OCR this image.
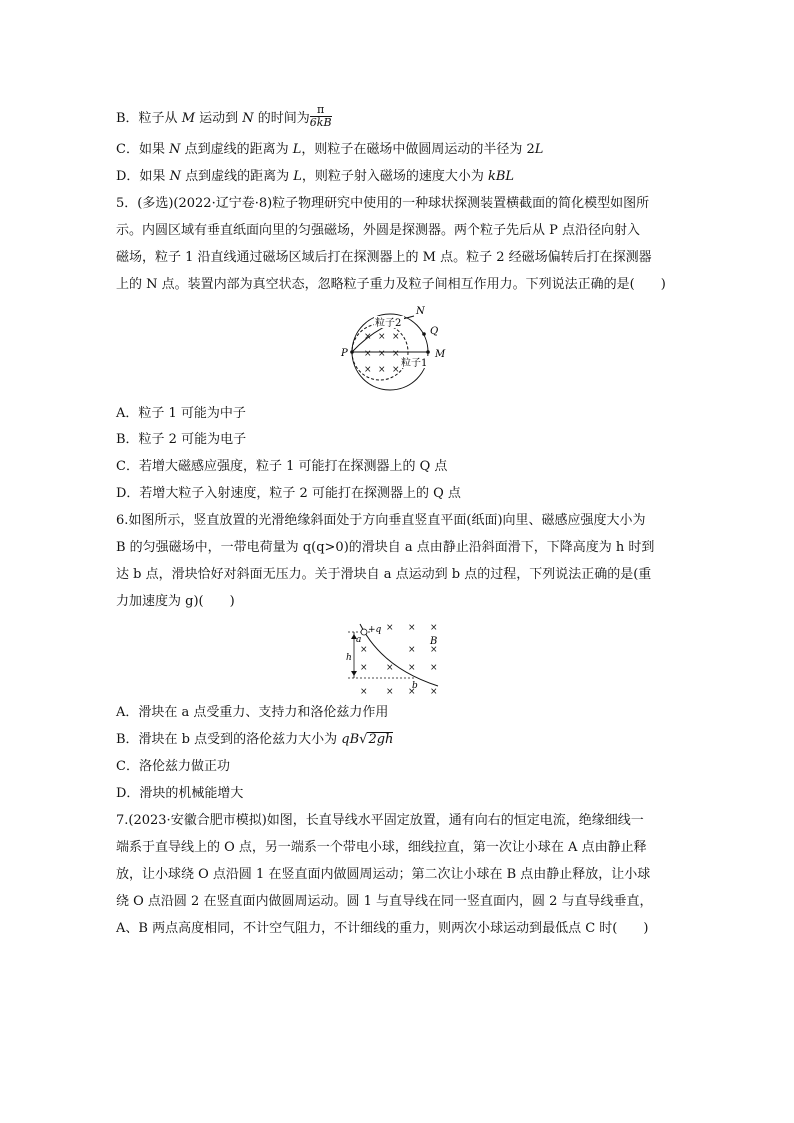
B．粒子从 M 运动到 N 的时间为 $\frac{\pi}{6kB}$
C．如果 N 点到虚线的距离为 L，则粒子在磁场中做圆周运动的半径为 2L
D．如果 N 点到虚线的距离为 L，则粒子射入磁场的速度大小为 kBL
5．(多选)(2022·辽宁卷·8)粒子物理研究中使用的一种球状探测装置横截面的简化模型如图所
示。内圆区域有垂直纸面向里的匀强磁场，外圆是探测器。两个粒子先后从 P 点沿径向射入
磁场，粒子 1 沿直线通过磁场区域后打在探测器上的 M 点。粒子 2 经磁场偏转后打在探测器
上的 N 点。装置内部为真空状态，忽略粒子重力及粒子间相互作用力。下列说法正确的是(　　)
× × ×
× × ×
× × ×
粒子2
N
Q
P	M
粒子1
A．粒子 1 可能为中子
B．粒子 2 可能为电子
C．若增大磁感应强度，粒子 1 可能打在探测器上的 Q 点
D．若增大粒子入射速度，粒子 2 可能打在探测器上的 Q 点
6.如图所示，竖直放置的光滑绝缘斜面处于方向垂直竖直平面(纸面)向里、磁感应强度大小为
B 的匀强磁场中，一带电荷量为 q(q>0)的滑块自 a 点由静止沿斜面滑下，下降高度为 h 时到
达 b 点，滑块恰好对斜面无压力。关于滑块自 a 点运动到 b 点的过程，下列说法正确的是(重
力加速度为 g)(　　)
× × ×
×	× ×
× × × ×
× × × ×
+q
a
h
B
b
A．滑块在 a 点受重力、支持力和洛伦兹力作用
B．滑块在 b 点受到的洛伦兹力大小为 qB√2gh
C．洛伦兹力做正功
D．滑块的机械能增大
7.(2023·安徽合肥市模拟)如图，长直导线水平固定放置，通有向右的恒定电流，绝缘细线一
端系于直导线上的 O 点，另一端系一个带电小球，细线拉直，第一次让小球在 A 点由静止释
放，让小球绕 O 点沿圆 1 在竖直面内做圆周运动；第二次让小球在 B 点由静止释放，让小球
绕 O 点沿圆 2 在竖直面内做圆周运动。圆 1 与直导线在同一竖直面内，圆 2 与直导线垂直，
A、B 两点高度相同，不计空气阻力，不计细线的重力，则两次小球运动到最低点 C 时(　　)
